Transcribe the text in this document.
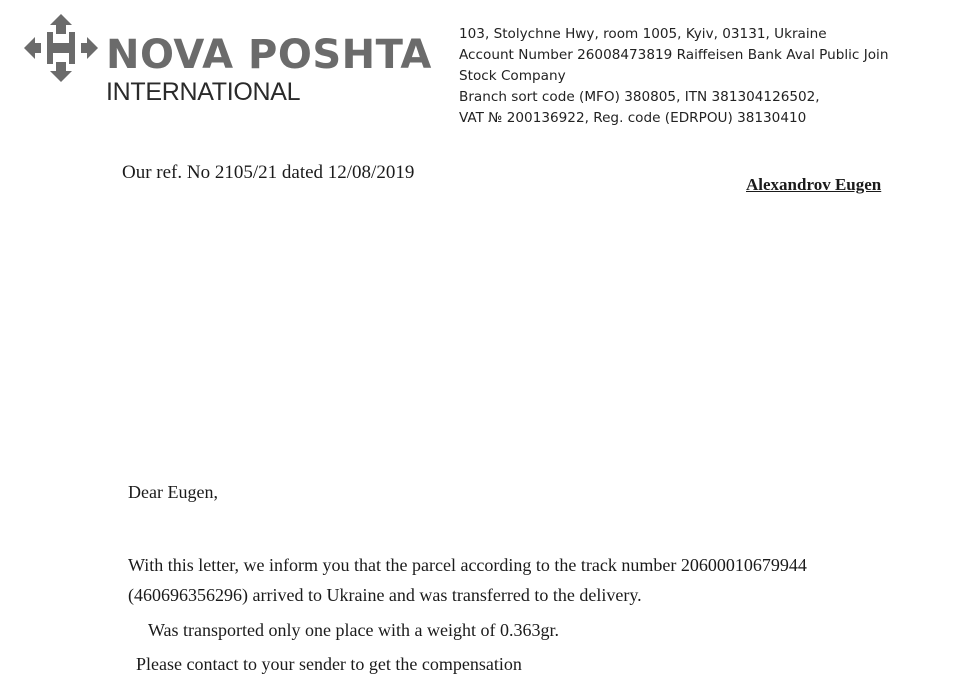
NOVA POSHTA
INTERNATIONAL
103, Stolychne Hwy, room 1005, Kyiv, 03131, Ukraine
Account Number 26008473819 Raiffeisen Bank Aval Public Join
Stock Company
Branch sort code (MFO) 380805, ITN 381304126502,
VAT № 200136922, Reg. code (EDRPOU) 38130410
Our ref. No 2105/21 dated 12/08/2019
Alexandrov Eugen
Dear Eugen,
With this letter, we inform you that the parcel according to the track number 20600010679944
(460696356296) arrived to Ukraine and was transferred to the delivery.
Was transported only one place with a weight of 0.363gr.
Please contact to your sender to get the compensation
